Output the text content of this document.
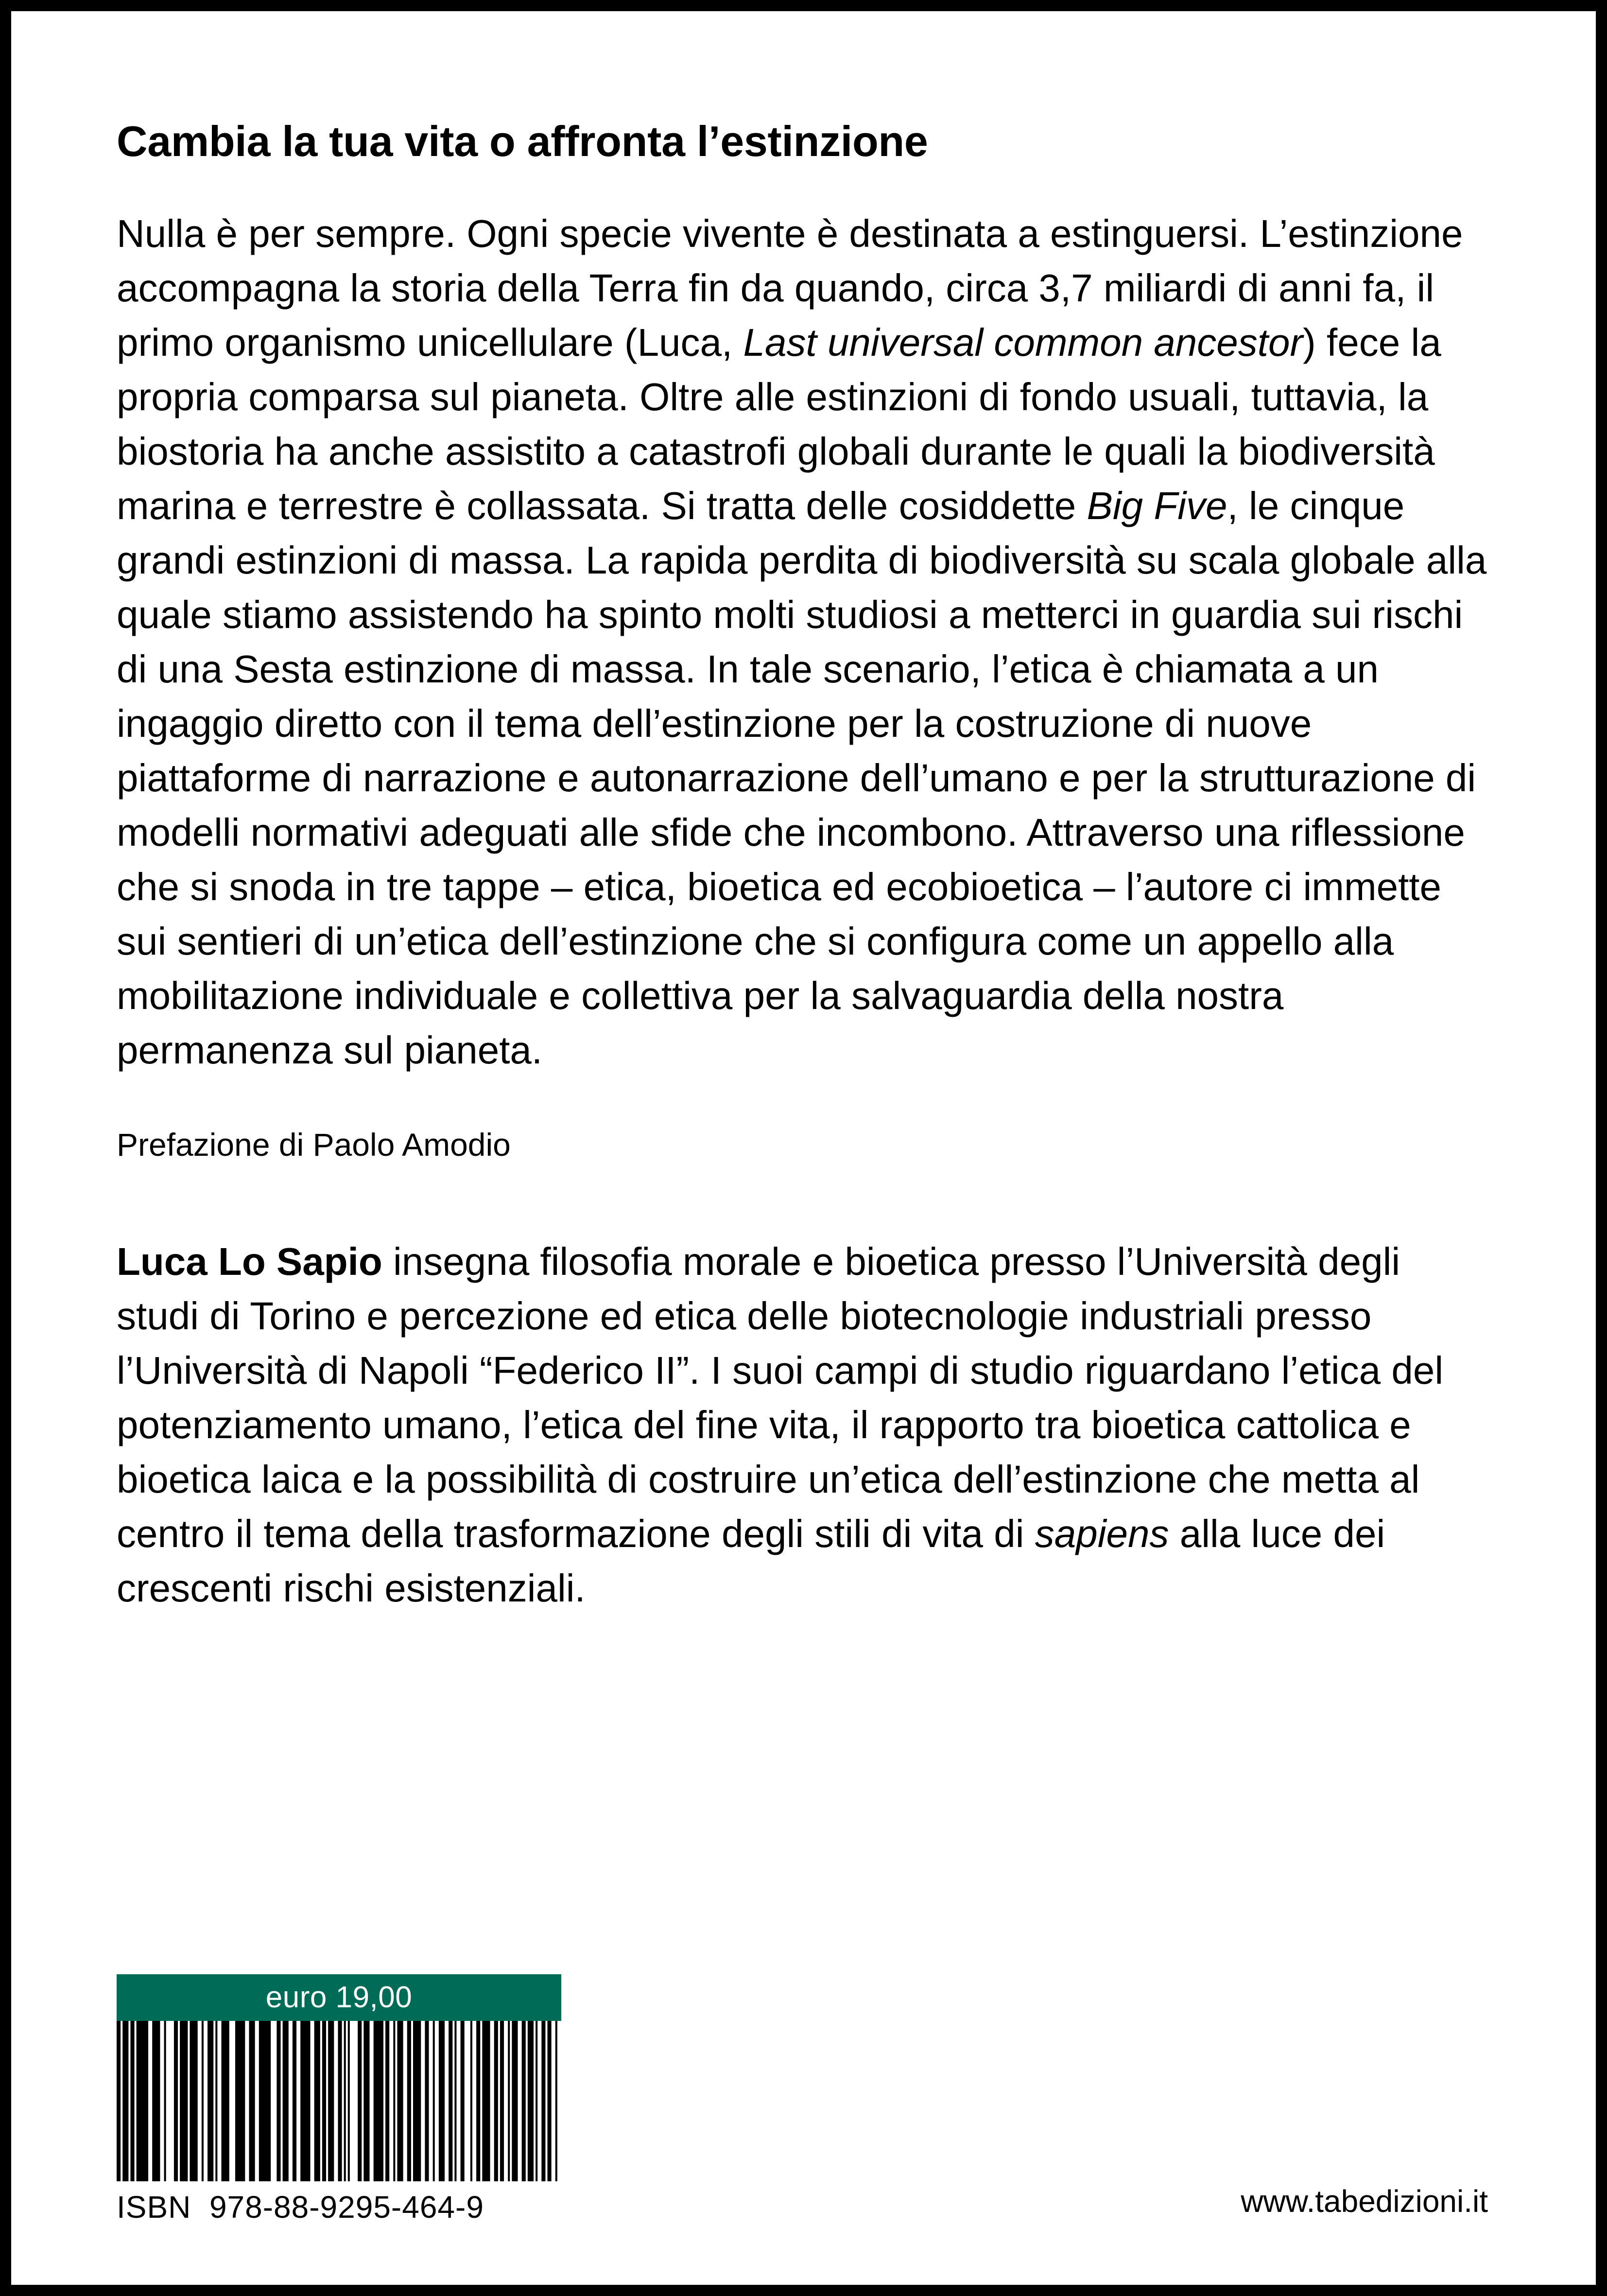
Cambia la tua vita o affronta l’estinzione

Nulla è per sempre. Ogni specie vivente è destinata a estinguersi. L’estinzione accompagna la storia della Terra fin da quando, circa 3,7 miliardi di anni fa, il primo organismo unicellulare (Luca, Last universal common ancestor) fece la propria comparsa sul pianeta. Oltre alle estinzioni di fondo usuali, tuttavia, la biostoria ha anche assistito a catastrofi globali durante le quali la biodiversità marina e terrestre è collassata. Si tratta delle cosiddette Big Five, le cinque grandi estinzioni di massa. La rapida perdita di biodiversità su scala globale alla quale stiamo assistendo ha spinto molti studiosi a metterci in guardia sui rischi di una Sesta estinzione di massa. In tale scenario, l’etica è chiamata a un ingaggio diretto con il tema dell’estinzione per la costruzione di nuove piattaforme di narrazione e autonarrazione dell’umano e per la strutturazione di modelli normativi adeguati alle sfide che incombono. Attraverso una riflessione che si snoda in tre tappe – etica, bioetica ed ecobioetica – l’autore ci immette sui sentieri di un’etica dell’estinzione che si configura come un appello alla mobilitazione individuale e collettiva per la salvaguardia della nostra permanenza sul pianeta.

Prefazione di Paolo Amodio

Luca Lo Sapio insegna filosofia morale e bioetica presso l’Università degli studi di Torino e percezione ed etica delle biotecnologie industriali presso l’Università di Napoli “Federico II”. I suoi campi di studio riguardano l’etica del potenziamento umano, l’etica del fine vita, il rapporto tra bioetica cattolica e bioetica laica e la possibilità di costruire un’etica dell’estinzione che metta al centro il tema della trasformazione degli stili di vita di sapiens alla luce dei crescenti rischi esistenziali.

euro 19,00
ISBN  978-88-9295-464-9	www.tabedizioni.it
